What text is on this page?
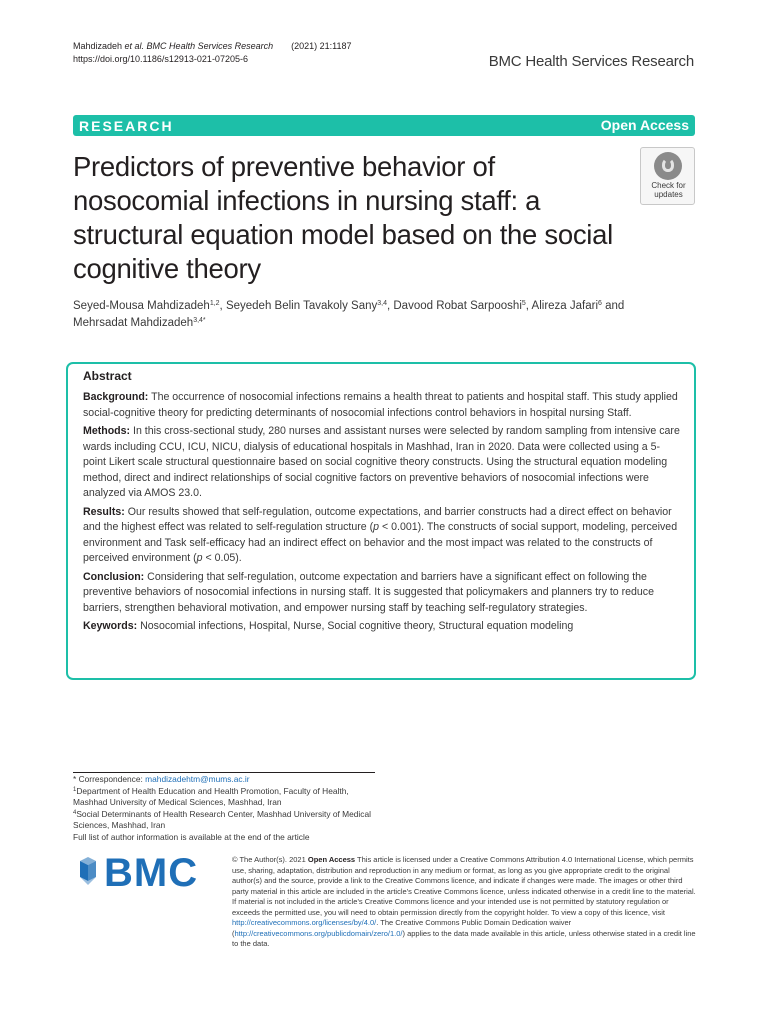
Mahdizadeh et al. BMC Health Services Research (2021) 21:1187
https://doi.org/10.1186/s12913-021-07205-6	BMC Health Services Research
RESEARCH	Open Access
Predictors of preventive behavior of nosocomial infections in nursing staff: a structural equation model based on the social cognitive theory
Check for
updates
Seyed-Mousa Mahdizadeh$^{1,2}$, Seyedeh Belin Tavakoly Sany$^{3,4}$, Davood Robat Sarpooshi$^5$, Alireza Jafari$^6$ and
Mehrsadat Mahdizadeh$^{3,4*}$
Abstract

Background: The occurrence of nosocomial infections remains a health threat to patients and hospital staff. This study applied social-cognitive theory for predicting determinants of nosocomial infections control behaviors in hospital nursing Staff.

Methods: In this cross-sectional study, 280 nurses and assistant nurses were selected by random sampling from intensive care wards including CCU, ICU, NICU, dialysis of educational hospitals in Mashhad, Iran in 2020. Data were collected using a 5-point Likert scale structural questionnaire based on social cognitive theory constructs. Using the structural equation modeling method, direct and indirect relationships of social cognitive factors on preventive behaviors of nosocomial infections were analyzed via AMOS 23.0.

Results: Our results showed that self-regulation, outcome expectations, and barrier constructs had a direct effect on behavior and the highest effect was related to self-regulation structure (p < 0.001). The constructs of social support, modeling, perceived environment and Task self-efficacy had an indirect effect on behavior and the most impact was related to the constructs of perceived environment (p < 0.05).

Conclusion: Considering that self-regulation, outcome expectation and barriers have a significant effect on following the preventive behaviors of nosocomial infections in nursing staff. It is suggested that policymakers and planners try to reduce barriers, strengthen behavioral motivation, and empower nursing staff by teaching self-regulatory strategies.

Keywords: Nosocomial infections, Hospital, Nurse, Social cognitive theory, Structural equation modeling

* Correspondence: mahdizadehtm@mums.ac.ir
$^1$Department of Health Education and Health Promotion, Faculty of Health, Mashhad University of Medical Sciences, Mashhad, Iran
$^4$Social Determinants of Health Research Center, Mashhad University of Medical Sciences, Mashhad, Iran
Full list of author information is available at the end of the article
BMC	© The Author(s). 2021 Open Access This article is licensed under a Creative Commons Attribution 4.0 International License, which permits use, sharing, adaptation, distribution and reproduction in any medium or format, as long as you give appropriate credit to the original author(s) and the source, provide a link to the Creative Commons licence, and indicate if changes were made. The images or other third party material in this article are included in the article's Creative Commons licence, unless indicated otherwise in a credit line to the material. If material is not included in the article's Creative Commons licence and your intended use is not permitted by statutory regulation or exceeds the permitted use, you will need to obtain permission directly from the copyright holder. To view a copy of this licence, visit http://creativecommons.org/licenses/by/4.0/. The Creative Commons Public Domain Dedication waiver (http://creativecommons.org/publicdomain/zero/1.0/) applies to the data made available in this article, unless otherwise stated in a credit line to the data.
